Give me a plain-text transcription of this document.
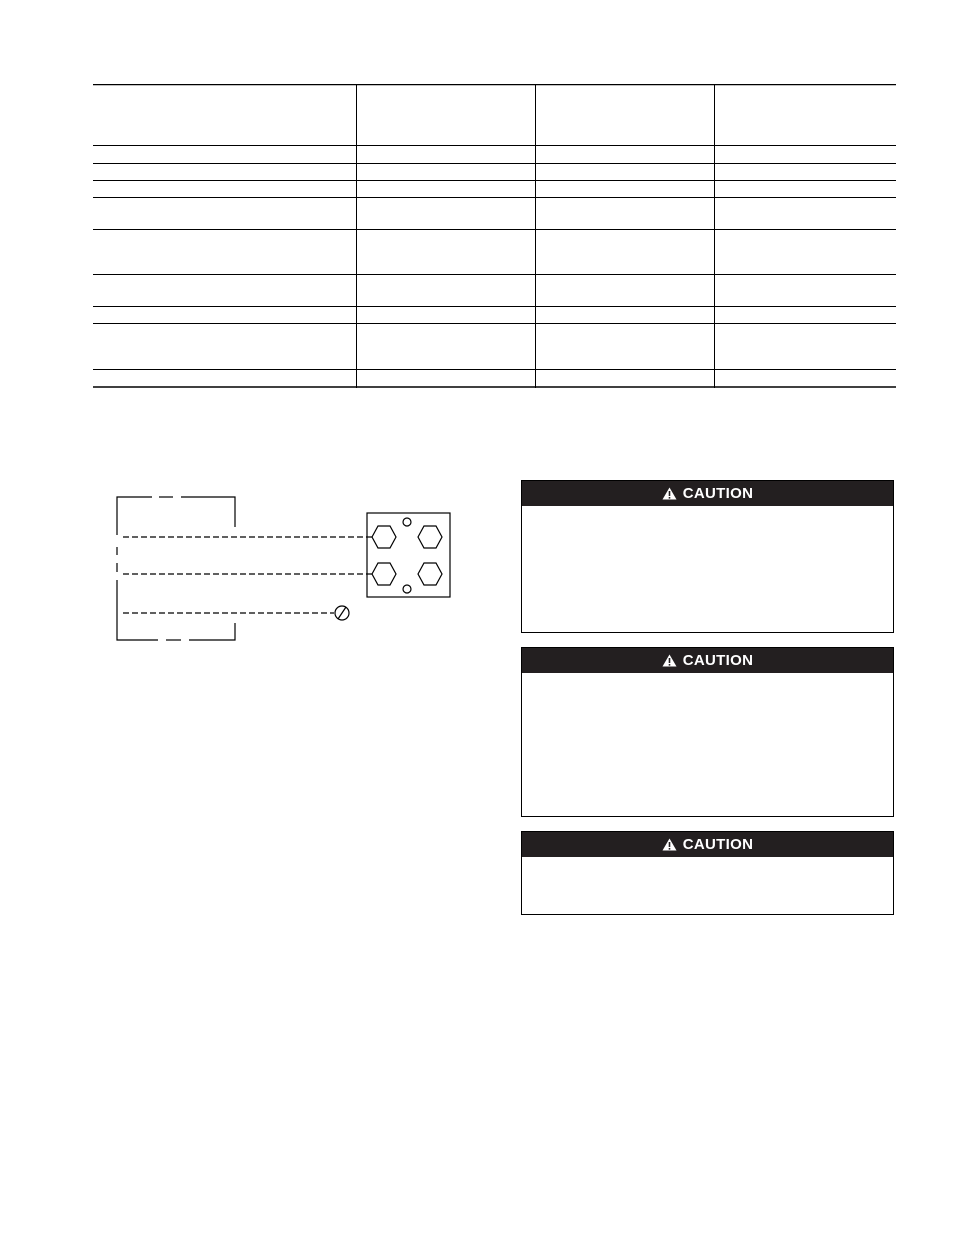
CAUTION
CAUTION
CAUTION
